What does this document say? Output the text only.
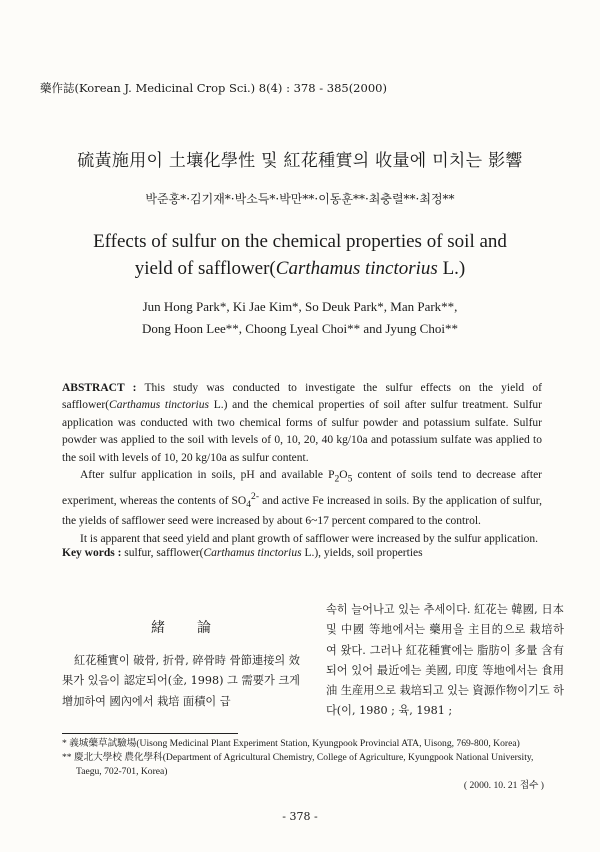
藥作誌(Korean J. Medicinal Crop Sci.) 8(4) : 378 - 385(2000)
硫黃施用이 土壤化學性 및 紅花種實의 收量에 미치는 影響
박준홍*·김기재*·박소득*·박만**·이동훈**·최충렬**·최정**
Effects of sulfur on the chemical properties of soil and
yield of safflower(Carthamus tinctorius L.)
Jun Hong Park*, Ki Jae Kim*, So Deuk Park*, Man Park**,
Dong Hoon Lee**, Choong Lyeal Choi** and Jyung Choi**

ABSTRACT : This study was conducted to investigate the sulfur effects on the yield of safflower(Carthamus tinctorius L.) and the chemical properties of soil after sulfur treatment. Sulfur application was conducted with two chemical forms of sulfur powder and potassium sulfate. Sulfur powder was applied to the soil with levels of 0, 10, 20, 40 kg/10a and potassium sulfate was applied to the soil with levels of 10, 20 kg/10a as sulfur content.

After sulfur application in soils, pH and available $P_2O_5$ content of soils tend to decrease after experiment, whereas the contents of $SO_4^{2-}$ and active Fe increased in soils. By the application of sulfur, the yields of safflower seed were increased by about 6~17 percent compared to the control.

It is apparent that seed yield and plant growth of safflower were increased by the sulfur application.

Key words : sulfur, safflower(Carthamus tinctorius L.), yields, soil properties
緒論
紅花種實이 破骨, 折骨, 碎骨時 骨節連接의 效果가 있음이 認定되어(金, 1998) 그 需要가 크게 增加하여 國內에서 栽培 面積이 급
속히 늘어나고 있는 추세이다. 紅花는 韓國, 日本 및 中國 等地에서는 藥用을 主目的으로 栽培하여 왔다. 그러나 紅花種實에는 脂肪이 多量 含有되어 있어 最近에는 美國, 印度 等地에서는 食用油 生産用으로 栽培되고 있는 資源作物이기도 하다(이, 1980 ; 육, 1981 ;
* 義城藥草試驗場(Uisong Medicinal Plant Experiment Station, Kyungpook Provincial ATA, Uisong, 769-800, Korea)
** 慶北大學校 農化學科(Department of Agricultural Chemistry, College of Agriculture, Kyungpook National University, Taegu, 702-701, Korea)
( 2000. 10. 21 접수 )
- 378 -
